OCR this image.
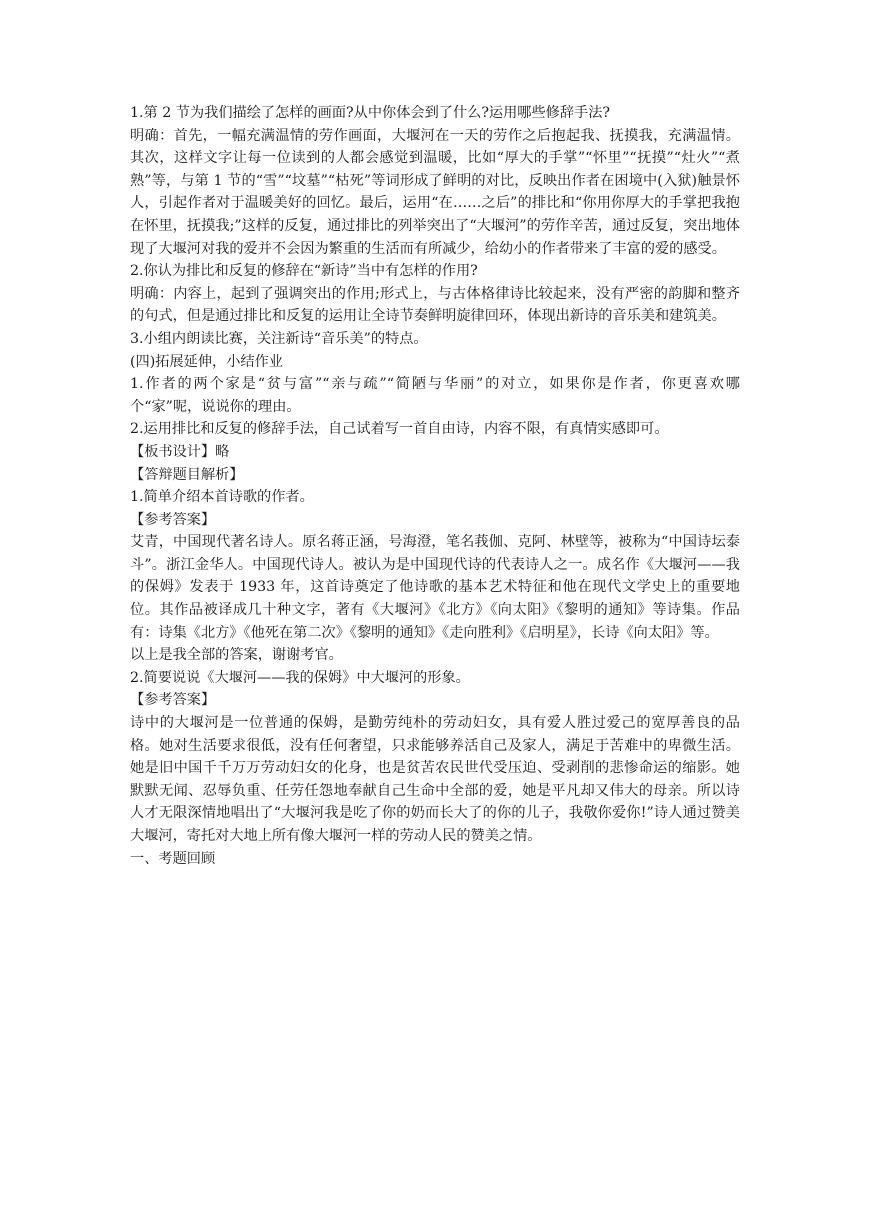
1.第 2 节为我们描绘了怎样的画面?从中你体会到了什么?运用哪些修辞手法?

明确：首先，一幅充满温情的劳作画面，大堰河在一天的劳作之后抱起我、抚摸我，充满温情。其次，这样文字让每一位读到的人都会感觉到温暖，比如“厚大的手掌”“怀里”“抚摸”“灶火”“煮熟”等，与第 1 节的“雪”“坟墓”“枯死”等词形成了鲜明的对比，反映出作者在困境中(入狱)触景怀人，引起作者对于温暖美好的回忆。最后，运用“在……之后”的排比和“你用你厚大的手掌把我抱在怀里，抚摸我;”这样的反复，通过排比的列举突出了“大堰河”的劳作辛苦，通过反复，突出地体现了大堰河对我的爱并不会因为繁重的生活而有所减少，给幼小的作者带来了丰富的爱的感受。

2.你认为排比和反复的修辞在“新诗”当中有怎样的作用?

明确：内容上，起到了强调突出的作用;形式上，与古体格律诗比较起来，没有严密的韵脚和整齐的句式，但是通过排比和反复的运用让全诗节奏鲜明旋律回环，体现出新诗的音乐美和建筑美。

3.小组内朗读比赛，关注新诗“音乐美”的特点。

(四)拓展延伸，小结作业

1.作者的两个家是“贫与富”“亲与疏”“简陋与华丽”的对立，如果你是作者，你更喜欢哪个“家”呢，说说你的理由。

2.运用排比和反复的修辞手法，自己试着写一首自由诗，内容不限，有真情实感即可。

【板书设计】略

【答辩题目解析】

1.简单介绍本首诗歌的作者。

【参考答案】

艾青，中国现代著名诗人。原名蒋正涵，号海澄，笔名莪伽、克阿、林壁等，被称为“中国诗坛泰斗”。浙江金华人。中国现代诗人。被认为是中国现代诗的代表诗人之一。成名作《大堰河——我的保姆》发表于 1933 年，这首诗奠定了他诗歌的基本艺术特征和他在现代文学史上的重要地位。其作品被译成几十种文字，著有《大堰河》《北方》《向太阳》《黎明的通知》等诗集。作品有：诗集《北方》《他死在第二次》《黎明的通知》《走向胜利》《启明星》，长诗《向太阳》等。

以上是我全部的答案，谢谢考官。

2.简要说说《大堰河——我的保姆》中大堰河的形象。

【参考答案】

诗中的大堰河是一位普通的保姆，是勤劳纯朴的劳动妇女，具有爱人胜过爱己的宽厚善良的品格。她对生活要求很低，没有任何奢望，只求能够养活自己及家人，满足于苦难中的卑微生活。她是旧中国千千万万劳动妇女的化身，也是贫苦农民世代受压迫、受剥削的悲惨命运的缩影。她默默无闻、忍辱负重、任劳任怨地奉献自己生命中全部的爱，她是平凡却又伟大的母亲。所以诗人才无限深情地唱出了“大堰河我是吃了你的奶而长大了的你的儿子，我敬你爱你!”诗人通过赞美大堰河，寄托对大地上所有像大堰河一样的劳动人民的赞美之情。

一、考题回顾
